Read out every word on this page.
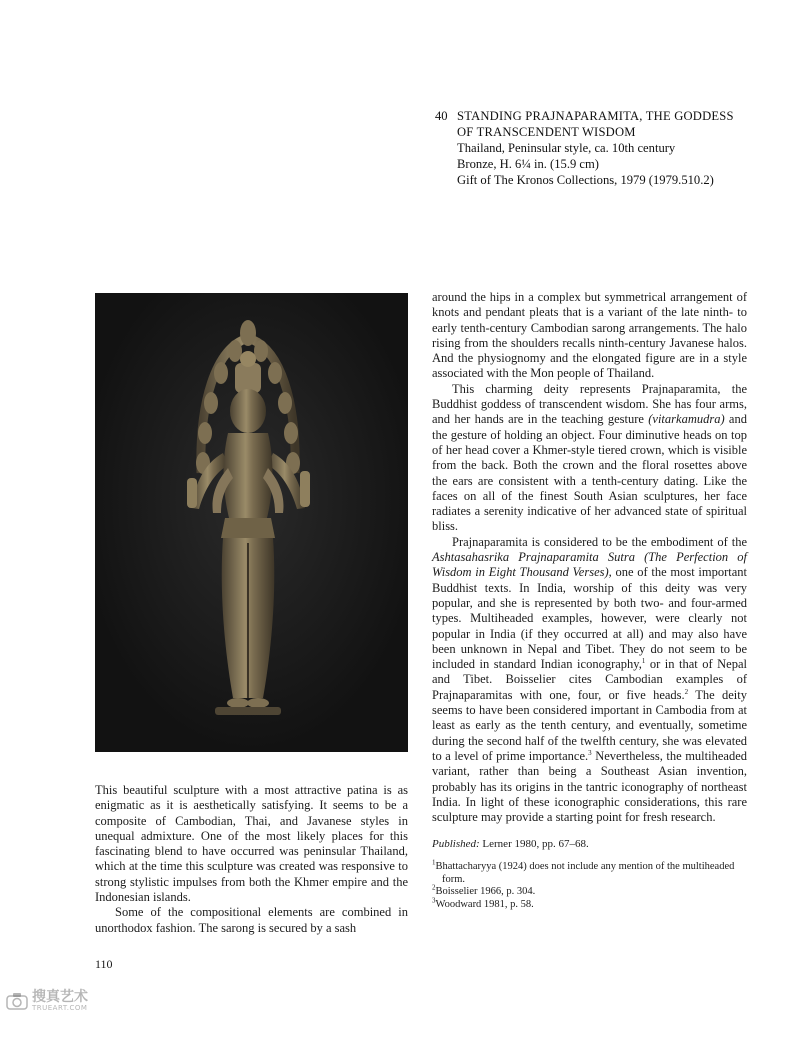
40 STANDING PRAJNAPARAMITA, THE GODDESS
OF TRANSCENDENT WISDOM
Thailand, Peninsular style, ca. 10th century
Bronze, H. 6¼ in. (15.9 cm)
Gift of The Kronos Collections, 1979 (1979.510.2)

This beautiful sculpture with a most attractive patina is as enigmatic as it is aesthetically satisfying. It seems to be a composite of Cambodian, Thai, and Javanese styles in unequal admixture. One of the most likely places for this fascinating blend to have occurred was peninsular Thailand, which at the time this sculpture was created was responsive to strong stylistic impulses from both the Khmer empire and the Indonesian islands.

Some of the compositional elements are combined in unorthodox fashion. The sarong is secured by a sash

around the hips in a complex but symmetrical arrangement of knots and pendant pleats that is a variant of the late ninth- to early tenth-century Cambodian sarong arrangements. The halo rising from the shoulders recalls ninth-century Javanese halos. And the physiognomy and the elongated figure are in a style associated with the Mon people of Thailand.

This charming deity represents Prajnaparamita, the Buddhist goddess of transcendent wisdom. She has four arms, and her hands are in the teaching gesture (vitarkamudra) and the gesture of holding an object. Four diminutive heads on top of her head cover a Khmer-style tiered crown, which is visible from the back. Both the crown and the floral rosettes above the ears are consistent with a tenth-century dating. Like the faces on all of the finest South Asian sculptures, her face radiates a serenity indicative of her advanced state of spiritual bliss.

Prajnaparamita is considered to be the embodiment of the Ashtasahasrika Prajnaparamita Sutra (The Perfection of Wisdom in Eight Thousand Verses), one of the most important Buddhist texts. In India, worship of this deity was very popular, and she is represented by both two- and four-armed types. Multiheaded examples, however, were clearly not popular in India (if they occurred at all) and may also have been unknown in Nepal and Tibet. They do not seem to be included in standard Indian iconography,$^1$ or in that of Nepal and Tibet. Boisselier cites Cambodian examples of Prajnaparamitas with one, four, or five heads.$^2$ The deity seems to have been considered important in Cambodia from at least as early as the tenth century, and eventually, sometime during the second half of the twelfth century, she was elevated to a level of prime importance.$^3$ Nevertheless, the multiheaded variant, rather than being a Southeast Asian invention, probably has its origins in the tantric iconography of northeast India. In light of these iconographic considerations, this rare sculpture may provide a starting point for fresh research.

Published: Lerner 1980, pp. 67–68.

$^1$Bhattacharyya (1924) does not include any mention of the multiheaded form.
$^2$Boisselier 1966, p. 304.
$^3$Woodward 1981, p. 58.
110
搜真艺术
TRUEART.COM
